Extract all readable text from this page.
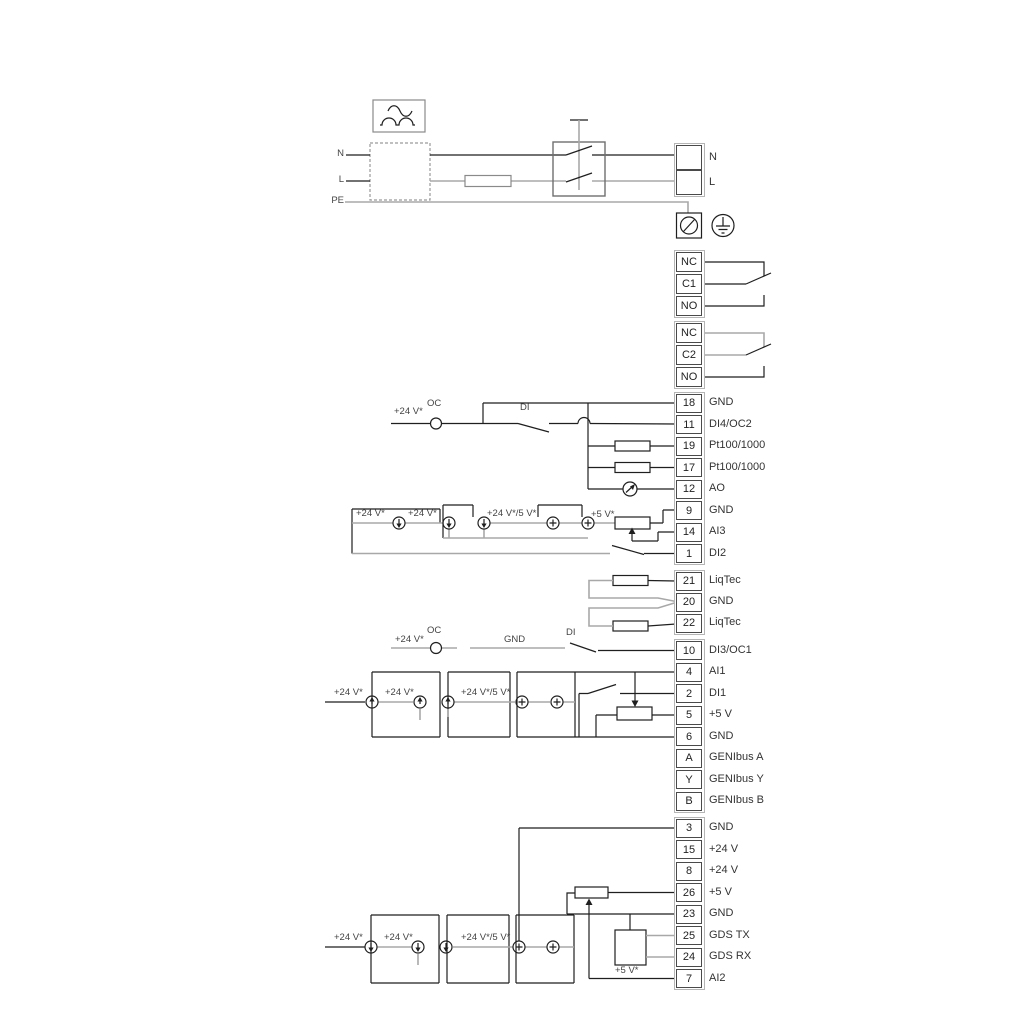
N
L
NC
C1
NO
NC
C2
NO
18 GND
11 DI4/OC2
19 Pt100/1000
17 Pt100/1000
12 AO
9 GND
14 AI3
1 DI2
21 LiqTec
20 GND
22 LiqTec
10 DI3/OC1
4 AI1
2 DI1
5 +5 V
6 GND
A GENIbus A
Y GENIbus Y
B GENIbus B
3 GND
15 +24 V
8 +24 V
26 +5 V
23 GND
25 GDS TX
24 GDS RX
7 AI2
N
L
PE
+24 V*
OC	DI
+24 V* +24 V*	+24 V*/5 V*	+5 V*
+24 V*
OC
GND
DI
+24 V* +24 V*	+24 V*/5 V*
+24 V* +24 V*	+24 V*/5 V*
+5 V*
